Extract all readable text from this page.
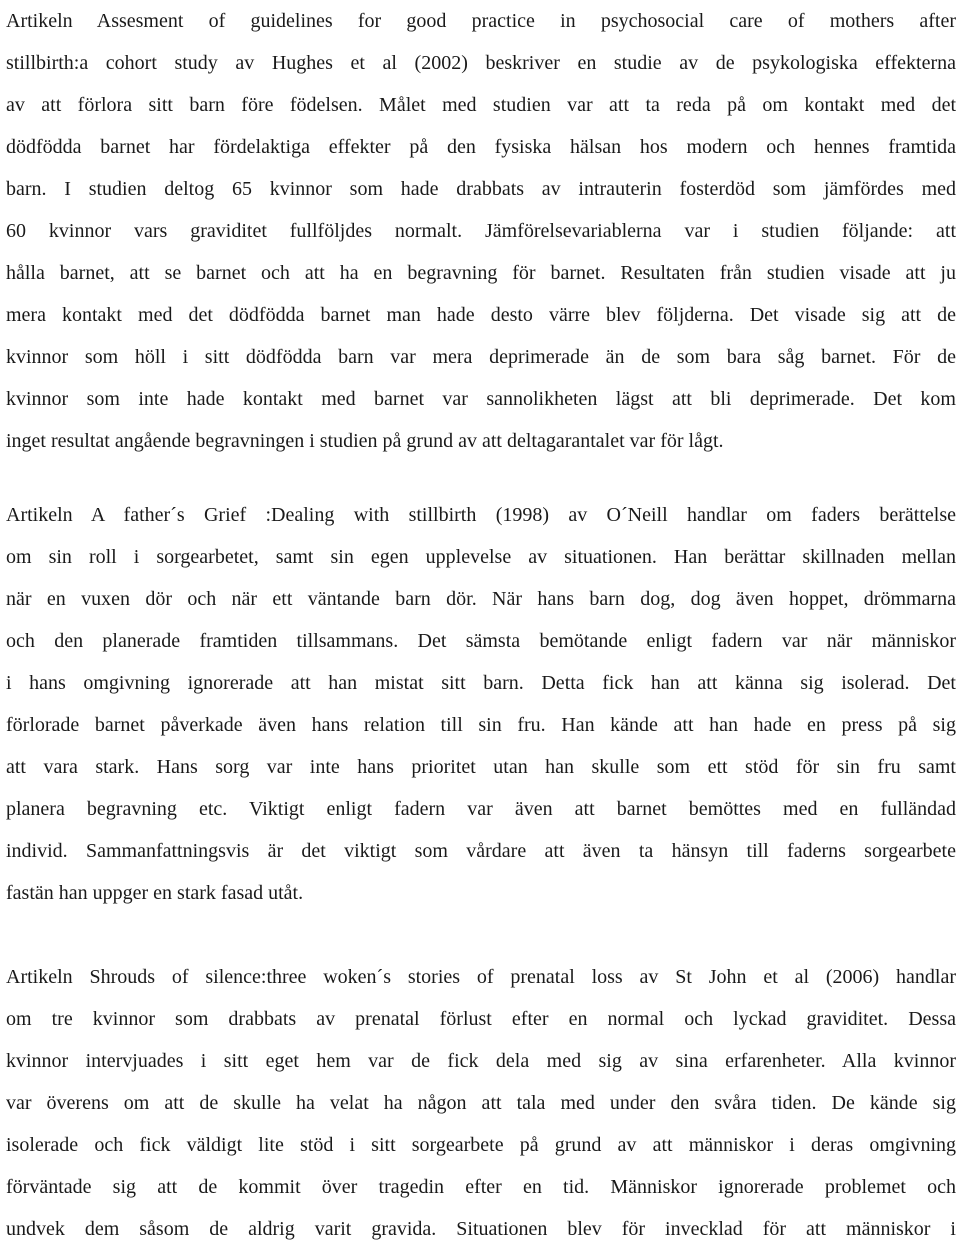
Artikeln Assesment of guidelines for good practice in psychosocial care of mothers after
stillbirth:a cohort study av Hughes et al (2002) beskriver en studie av de psykologiska effekterna
av att förlora sitt barn före födelsen. Målet med studien var att ta reda på om kontakt med det
dödfödda barnet har fördelaktiga effekter på den fysiska hälsan hos modern och hennes framtida
barn. I studien deltog 65 kvinnor som hade drabbats av intrauterin fosterdöd som jämfördes med
60 kvinnor vars graviditet fullföljdes normalt. Jämförelsevariablerna var i studien följande: att
hålla barnet, att se barnet och att ha en begravning för barnet. Resultaten från studien visade att ju
mera kontakt med det dödfödda barnet man hade desto värre blev följderna. Det visade sig att de
kvinnor som höll i sitt dödfödda barn var mera deprimerade än de som bara såg barnet. För de
kvinnor som inte hade kontakt med barnet var sannolikheten lägst att bli deprimerade. Det kom
inget resultat angående begravningen i studien på grund av att deltagarantalet var för lågt.
Artikeln A father´s Grief :Dealing with stillbirth (1998) av O´Neill handlar om faders berättelse
om sin roll i sorgearbetet, samt sin egen upplevelse av situationen. Han berättar skillnaden mellan
när en vuxen dör och när ett väntande barn dör. När hans barn dog, dog även hoppet, drömmarna
och den planerade framtiden tillsammans. Det sämsta bemötande enligt fadern var när människor
i hans omgivning ignorerade att han mistat sitt barn. Detta fick han att känna sig isolerad. Det
förlorade barnet påverkade även hans relation till sin fru. Han kände att han hade en press på sig
att vara stark. Hans sorg var inte hans prioritet utan han skulle som ett stöd för sin fru samt
planera begravning etc. Viktigt enligt fadern var även att barnet bemöttes med en fulländad
individ. Sammanfattningsvis är det viktigt som vårdare att även ta hänsyn till faderns sorgearbete
fastän han uppger en stark fasad utåt.
Artikeln Shrouds of silence:three woken´s stories of prenatal loss av St John et al (2006) handlar
om tre kvinnor som drabbats av prenatal förlust efter en normal och lyckad graviditet. Dessa
kvinnor intervjuades i sitt eget hem var de fick dela med sig av sina erfarenheter. Alla kvinnor
var överens om att de skulle ha velat ha någon att tala med under den svåra tiden. De kände sig
isolerade och fick väldigt lite stöd i sitt sorgearbete på grund av att människor i deras omgivning
förväntade sig att de kommit över tragedin efter en tid. Människor ignorerade problemet och
undvek dem såsom de aldrig varit gravida. Situationen blev för invecklad för att människor i
